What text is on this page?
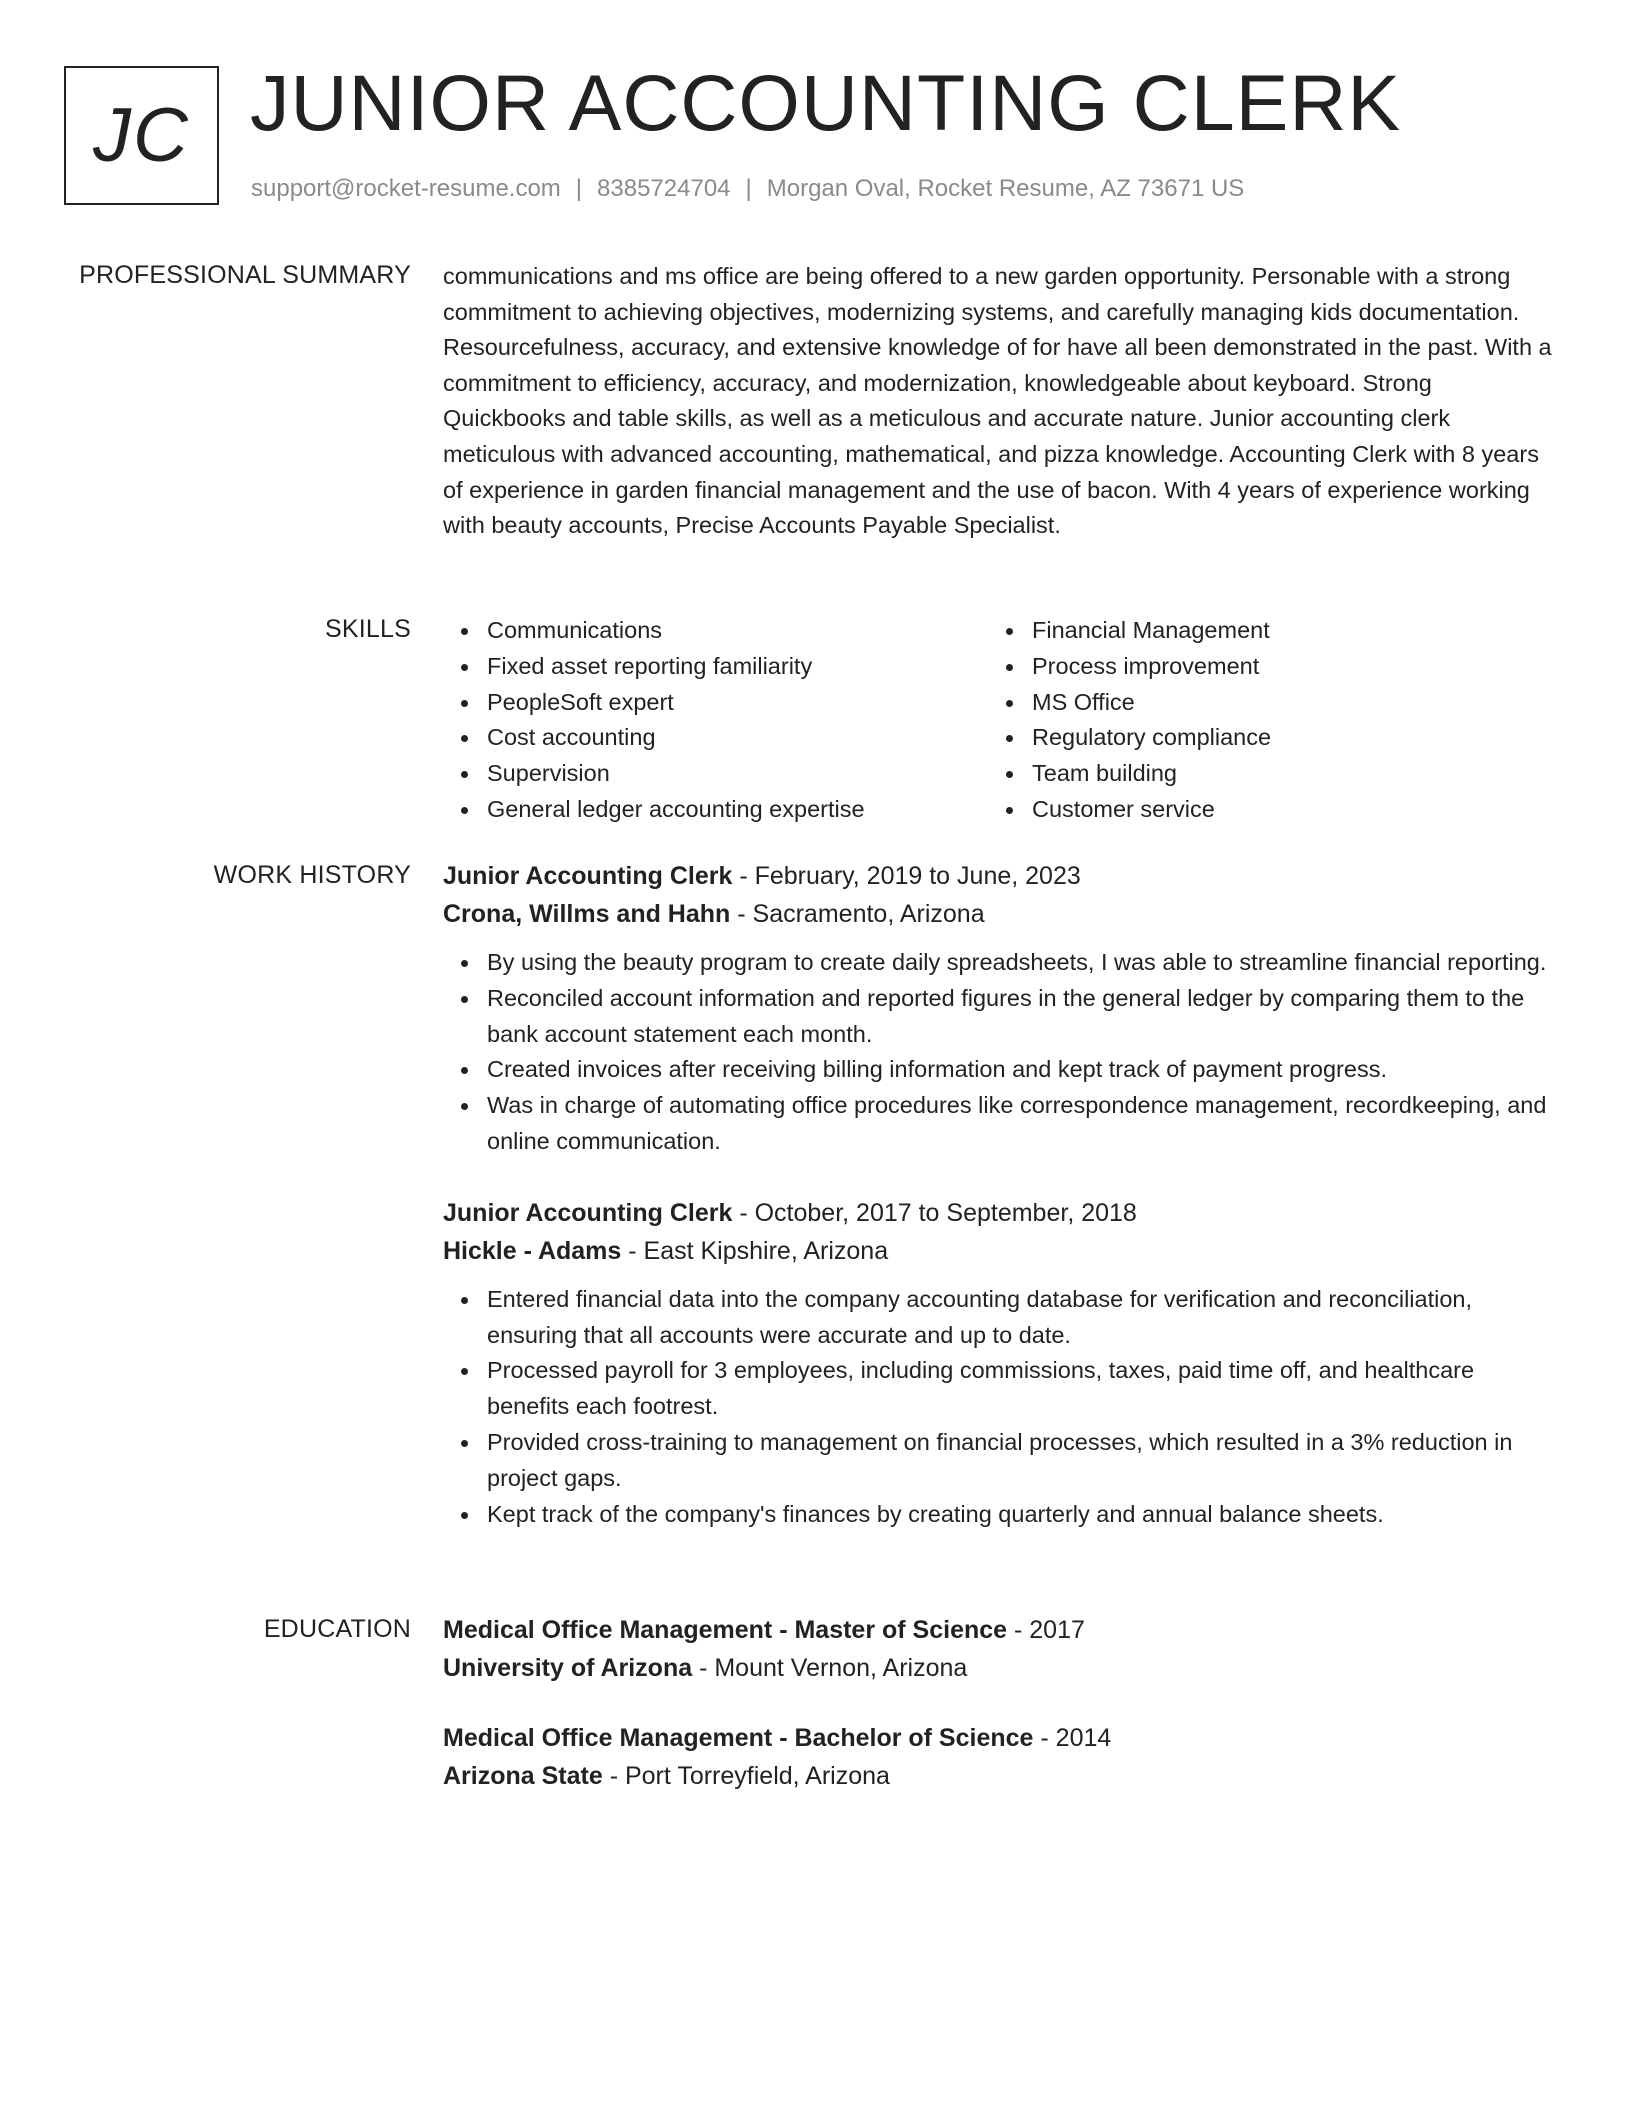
JC JUNIOR ACCOUNTING CLERK
support@rocket-resume.com | 8385724704 | Morgan Oval, Rocket Resume, AZ 73671 US
PROFESSIONAL SUMMARY communications and ms office are being offered to a new garden opportunity. Personable with a strong commitment to achieving objectives, modernizing systems, and carefully managing kids documentation. Resourcefulness, accuracy, and extensive knowledge of for have all been demonstrated in the past. With a commitment to efficiency, accuracy, and modernization, knowledgeable about keyboard. Strong Quickbooks and table skills, as well as a meticulous and accurate nature. Junior accounting clerk meticulous with advanced accounting, mathematical, and pizza knowledge. Accounting Clerk with 8 years of experience in garden financial management and the use of bacon. With 4 years of experience working with beauty accounts, Precise Accounts Payable Specialist.

SKILLS	Communications
Fixed asset reporting familiarity
PeopleSoft expert
Cost accounting
Supervision
General ledger accounting expertise
Financial Management
Process improvement
MS Office
Regulatory compliance
Team building
Customer service
WORK HISTORY Junior Accounting Clerk - February, 2019 to June, 2023
Crona, Willms and Hahn - Sacramento, Arizona
By using the beauty program to create daily spreadsheets, I was able to streamline financial reporting.
Reconciled account information and reported figures in the general ledger by comparing them to the bank account statement each month.
Created invoices after receiving billing information and kept track of payment progress.
Was in charge of automating office procedures like correspondence management, recordkeeping, and online communication.
Junior Accounting Clerk - October, 2017 to September, 2018
Hickle - Adams - East Kipshire, Arizona
Entered financial data into the company accounting database for verification and reconciliation, ensuring that all accounts were accurate and up to date.
Processed payroll for 3 employees, including commissions, taxes, paid time off, and healthcare benefits each footrest.
Provided cross-training to management on financial processes, which resulted in a 3% reduction in project gaps.
Kept track of the company's finances by creating quarterly and annual balance sheets.
EDUCATION Medical Office Management - Master of Science - 2017
University of Arizona - Mount Vernon, Arizona
Medical Office Management - Bachelor of Science - 2014
Arizona State - Port Torreyfield, Arizona
